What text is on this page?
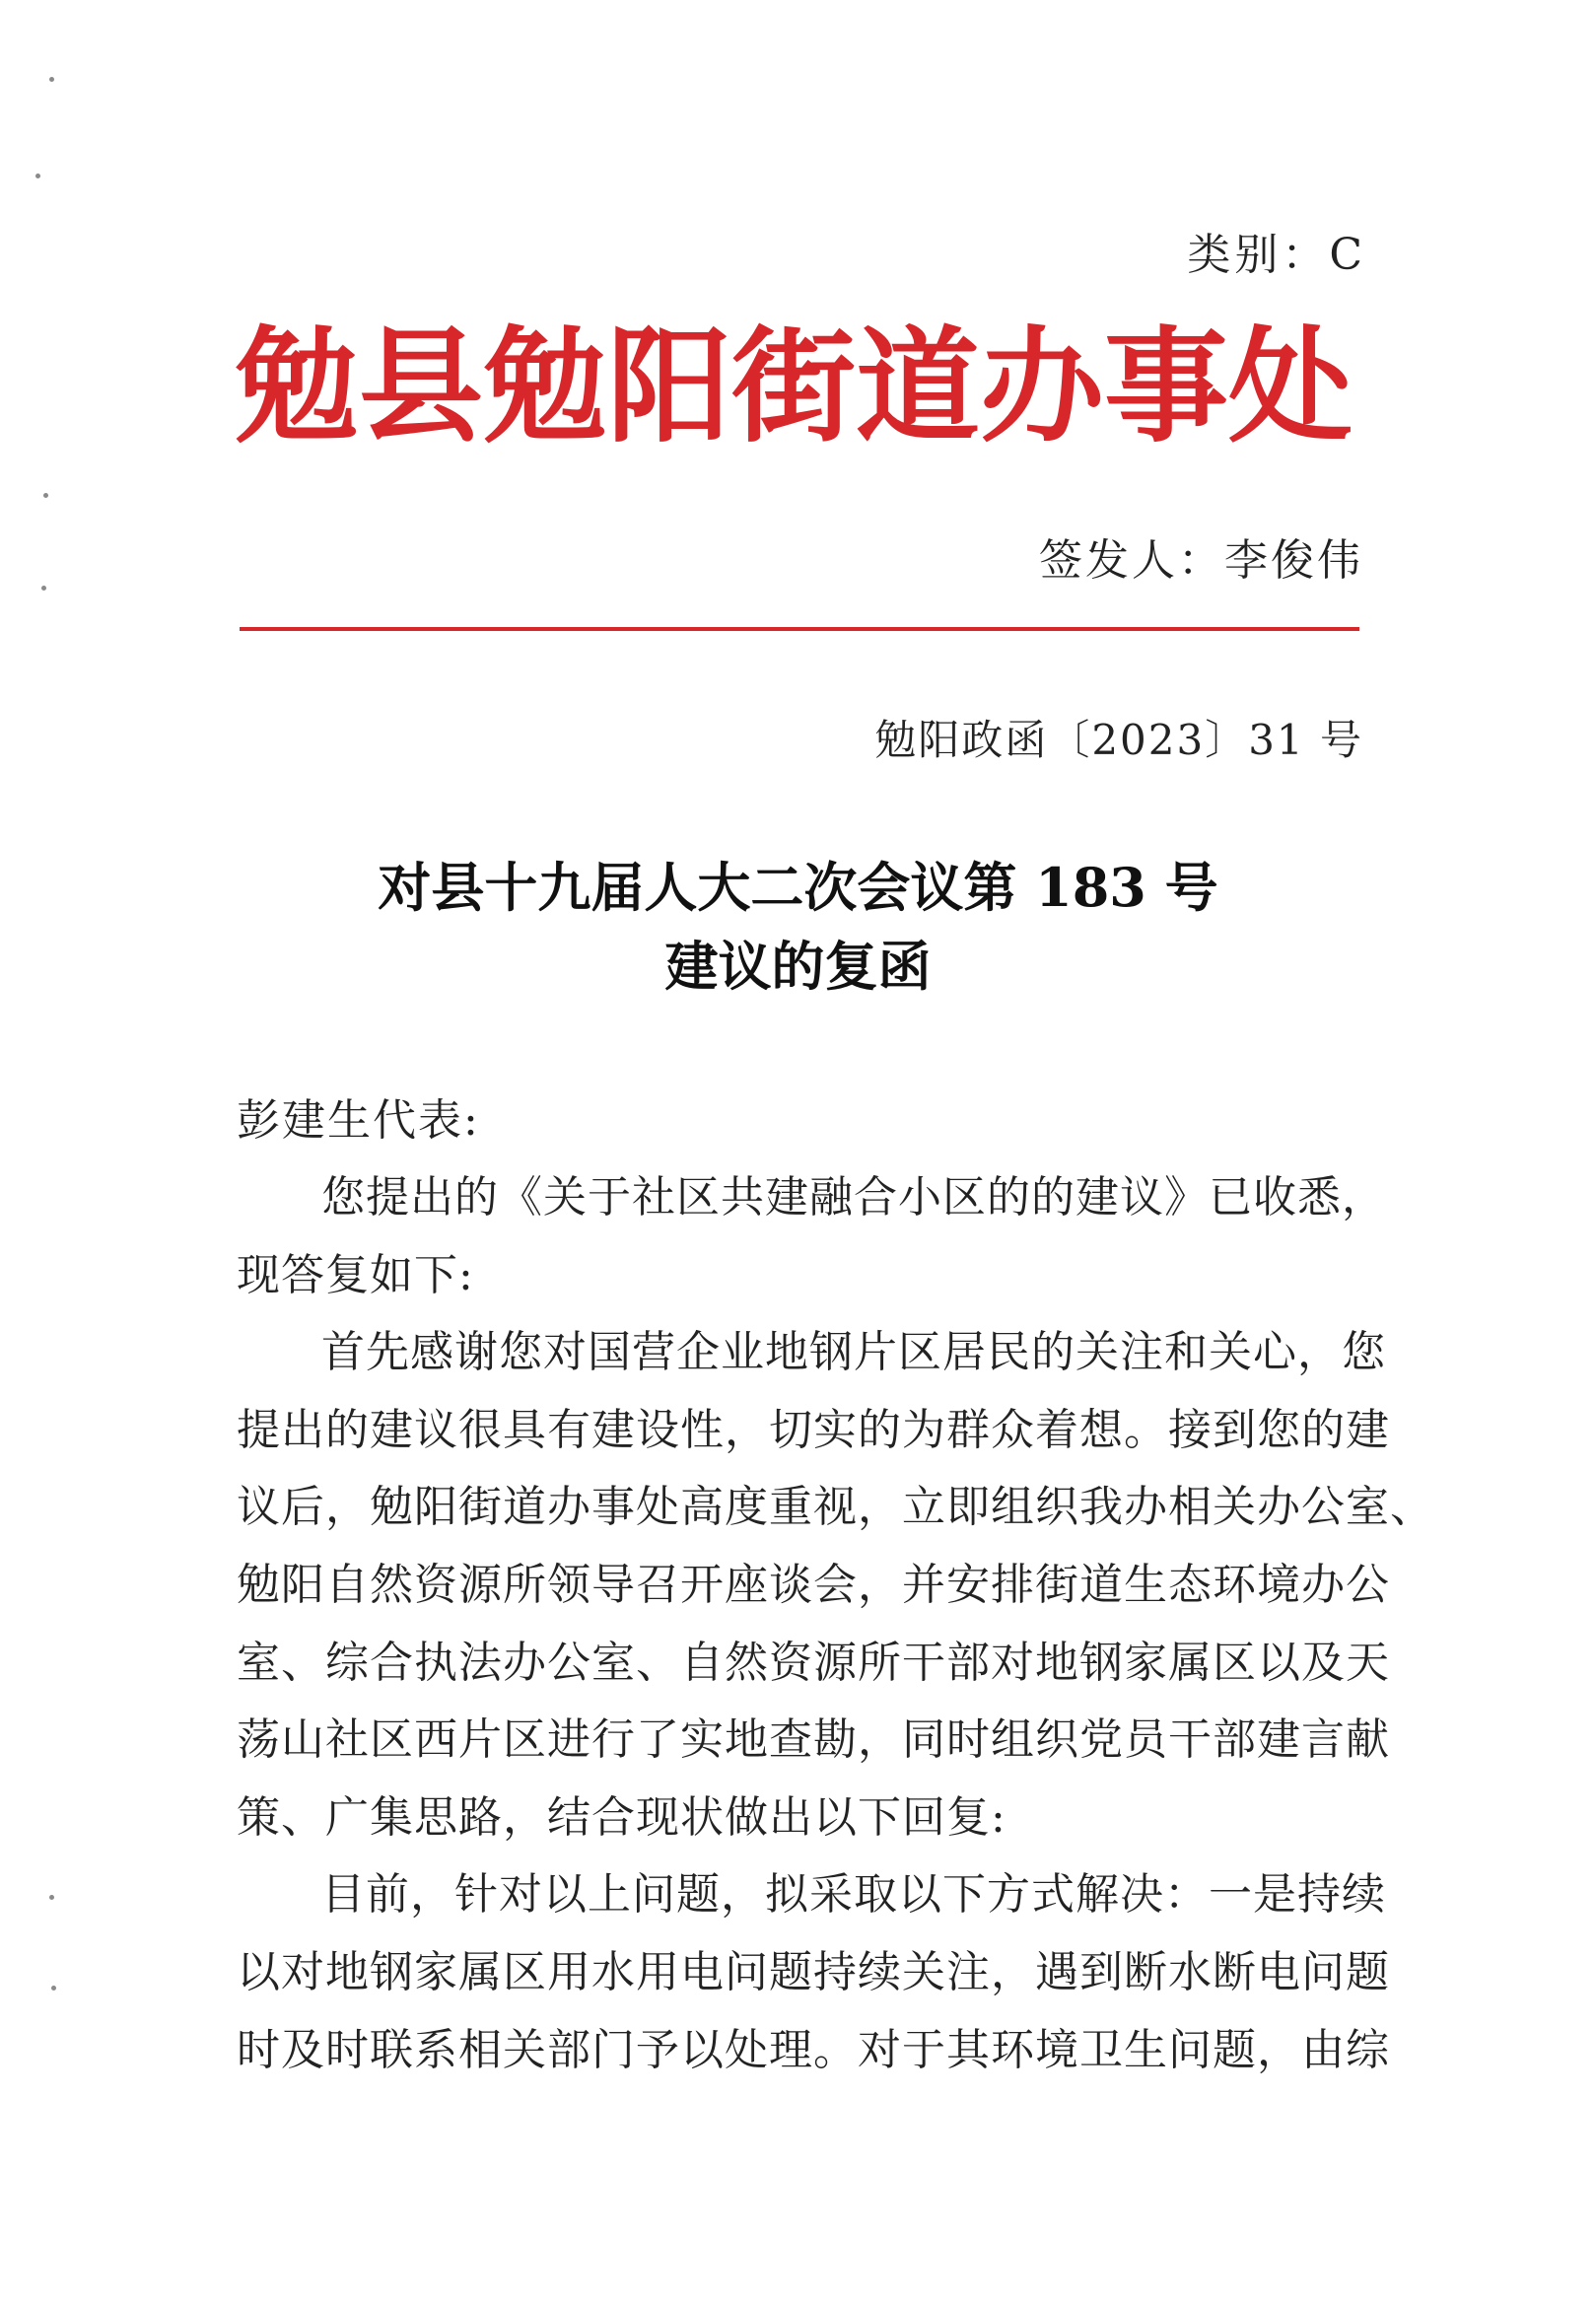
类别：C
勉县勉阳街道办事处
签发人：李俊伟
勉阳政函〔2023〕31 号
对县十九届人大二次会议第 183 号
建议的复函
彭建生代表:
您提出的《关于社区共建融合小区的的建议》已收悉，
现答复如下:
首先感谢您对国营企业地钢片区居民的关注和关心，您
提出的建议很具有建设性，切实的为群众着想。接到您的建
议后，勉阳街道办事处高度重视，立即组织我办相关办公室、
勉阳自然资源所领导召开座谈会，并安排街道生态环境办公
室、综合执法办公室、自然资源所干部对地钢家属区以及天
荡山社区西片区进行了实地查勘，同时组织党员干部建言献
策、广集思路，结合现状做出以下回复:
目前，针对以上问题，拟采取以下方式解决：一是持续
以对地钢家属区用水用电问题持续关注，遇到断水断电问题
时及时联系相关部门予以处理。对于其环境卫生问题，由综
